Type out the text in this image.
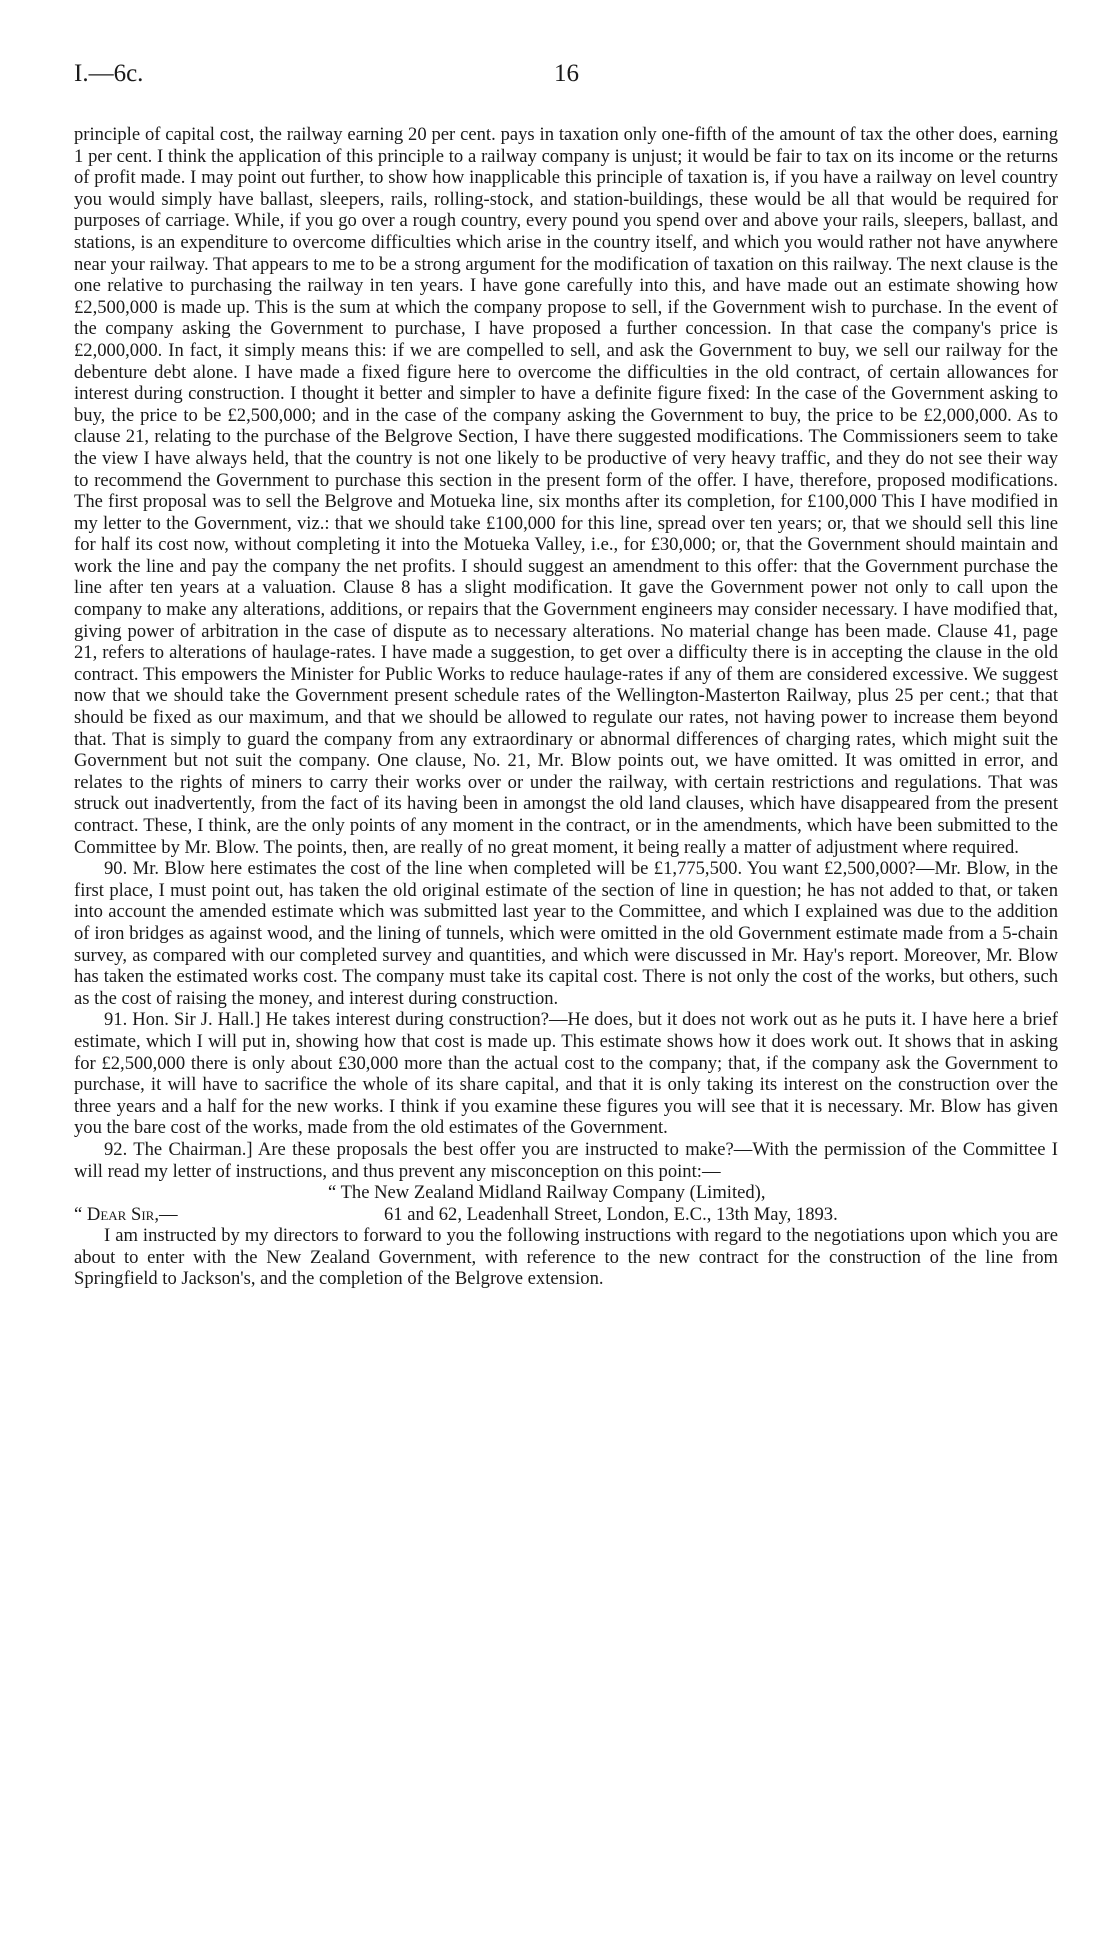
I.—6c.	16

principle of capital cost, the railway earning 20 per cent. pays in taxation only one-fifth of the amount of tax the other does, earning 1 per cent. I think the application of this principle to a railway company is unjust; it would be fair to tax on its income or the returns of profit made. I may point out further, to show how inapplicable this principle of taxation is, if you have a railway on level country you would simply have ballast, sleepers, rails, rolling-stock, and station-buildings, these would be all that would be required for purposes of carriage. While, if you go over a rough country, every pound you spend over and above your rails, sleepers, ballast, and stations, is an expenditure to overcome difficulties which arise in the country itself, and which you would rather not have anywhere near your railway. That appears to me to be a strong argument for the modification of taxation on this railway. The next clause is the one relative to purchasing the railway in ten years. I have gone carefully into this, and have made out an estimate showing how £2,500,000 is made up. This is the sum at which the company propose to sell, if the Government wish to purchase. In the event of the company asking the Government to purchase, I have proposed a further concession. In that case the company's price is £2,000,000. In fact, it simply means this: if we are compelled to sell, and ask the Government to buy, we sell our railway for the debenture debt alone. I have made a fixed figure here to overcome the difficulties in the old contract, of certain allowances for interest during construction. I thought it better and simpler to have a definite figure fixed: In the case of the Government asking to buy, the price to be £2,500,000; and in the case of the company asking the Government to buy, the price to be £2,000,000. As to clause 21, relating to the purchase of the Belgrove Section, I have there suggested modifications. The Commissioners seem to take the view I have always held, that the country is not one likely to be productive of very heavy traffic, and they do not see their way to recommend the Government to purchase this section in the present form of the offer. I have, therefore, proposed modifications. The first proposal was to sell the Belgrove and Motueka line, six months after its completion, for £100,000 This I have modified in my letter to the Government, viz.: that we should take £100,000 for this line, spread over ten years; or, that we should sell this line for half its cost now, without completing it into the Motueka Valley, i.e., for £30,000; or, that the Government should maintain and work the line and pay the company the net profits. I should suggest an amendment to this offer: that the Government purchase the line after ten years at a valuation. Clause 8 has a slight modification. It gave the Government power not only to call upon the company to make any alterations, additions, or repairs that the Government engineers may consider necessary. I have modified that, giving power of arbitration in the case of dispute as to necessary alterations. No material change has been made. Clause 41, page 21, refers to alterations of haulage-rates. I have made a suggestion, to get over a difficulty there is in accepting the clause in the old contract. This empowers the Minister for Public Works to reduce haulage-rates if any of them are considered excessive. We suggest now that we should take the Government present schedule rates of the Wellington-Masterton Railway, plus 25 per cent.; that that should be fixed as our maximum, and that we should be allowed to regulate our rates, not having power to increase them beyond that. That is simply to guard the company from any extraordinary or abnormal differences of charging rates, which might suit the Government but not suit the company. One clause, No. 21, Mr. Blow points out, we have omitted. It was omitted in error, and relates to the rights of miners to carry their works over or under the railway, with certain restrictions and regulations. That was struck out inadvertently, from the fact of its having been in amongst the old land clauses, which have disappeared from the present contract. These, I think, are the only points of any moment in the contract, or in the amendments, which have been submitted to the Committee by Mr. Blow. The points, then, are really of no great moment, it being really a matter of adjustment where required.

90. Mr. Blow here estimates the cost of the line when completed will be £1,775,500. You want £2,500,000?—Mr. Blow, in the first place, I must point out, has taken the old original estimate of the section of line in question; he has not added to that, or taken into account the amended estimate which was submitted last year to the Committee, and which I explained was due to the addition of iron bridges as against wood, and the lining of tunnels, which were omitted in the old Government estimate made from a 5-chain survey, as compared with our completed survey and quantities, and which were discussed in Mr. Hay's report. Moreover, Mr. Blow has taken the estimated works cost. The company must take its capital cost. There is not only the cost of the works, but others, such as the cost of raising the money, and interest during construction.

91. Hon. Sir J. Hall.] He takes interest during construction?—He does, but it does not work out as he puts it. I have here a brief estimate, which I will put in, showing how that cost is made up. This estimate shows how it does work out. It shows that in asking for £2,500,000 there is only about £30,000 more than the actual cost to the company; that, if the company ask the Government to purchase, it will have to sacrifice the whole of its share capital, and that it is only taking its interest on the construction over the three years and a half for the new works. I think if you examine these figures you will see that it is necessary. Mr. Blow has given you the bare cost of the works, made from the old estimates of the Government.

92. The Chairman.] Are these proposals the best offer you are instructed to make?—With the permission of the Committee I will read my letter of instructions, and thus prevent any misconception on this point:—

“ The New Zealand Midland Railway Company (Limited),
“ Dear Sir,—	61 and 62, Leadenhall Street, London, E.C., 13th May, 1893.

I am instructed by my directors to forward to you the following instructions with regard to the negotiations upon which you are about to enter with the New Zealand Government, with reference to the new contract for the construction of the line from Springfield to Jackson's, and the completion of the Belgrove extension.
